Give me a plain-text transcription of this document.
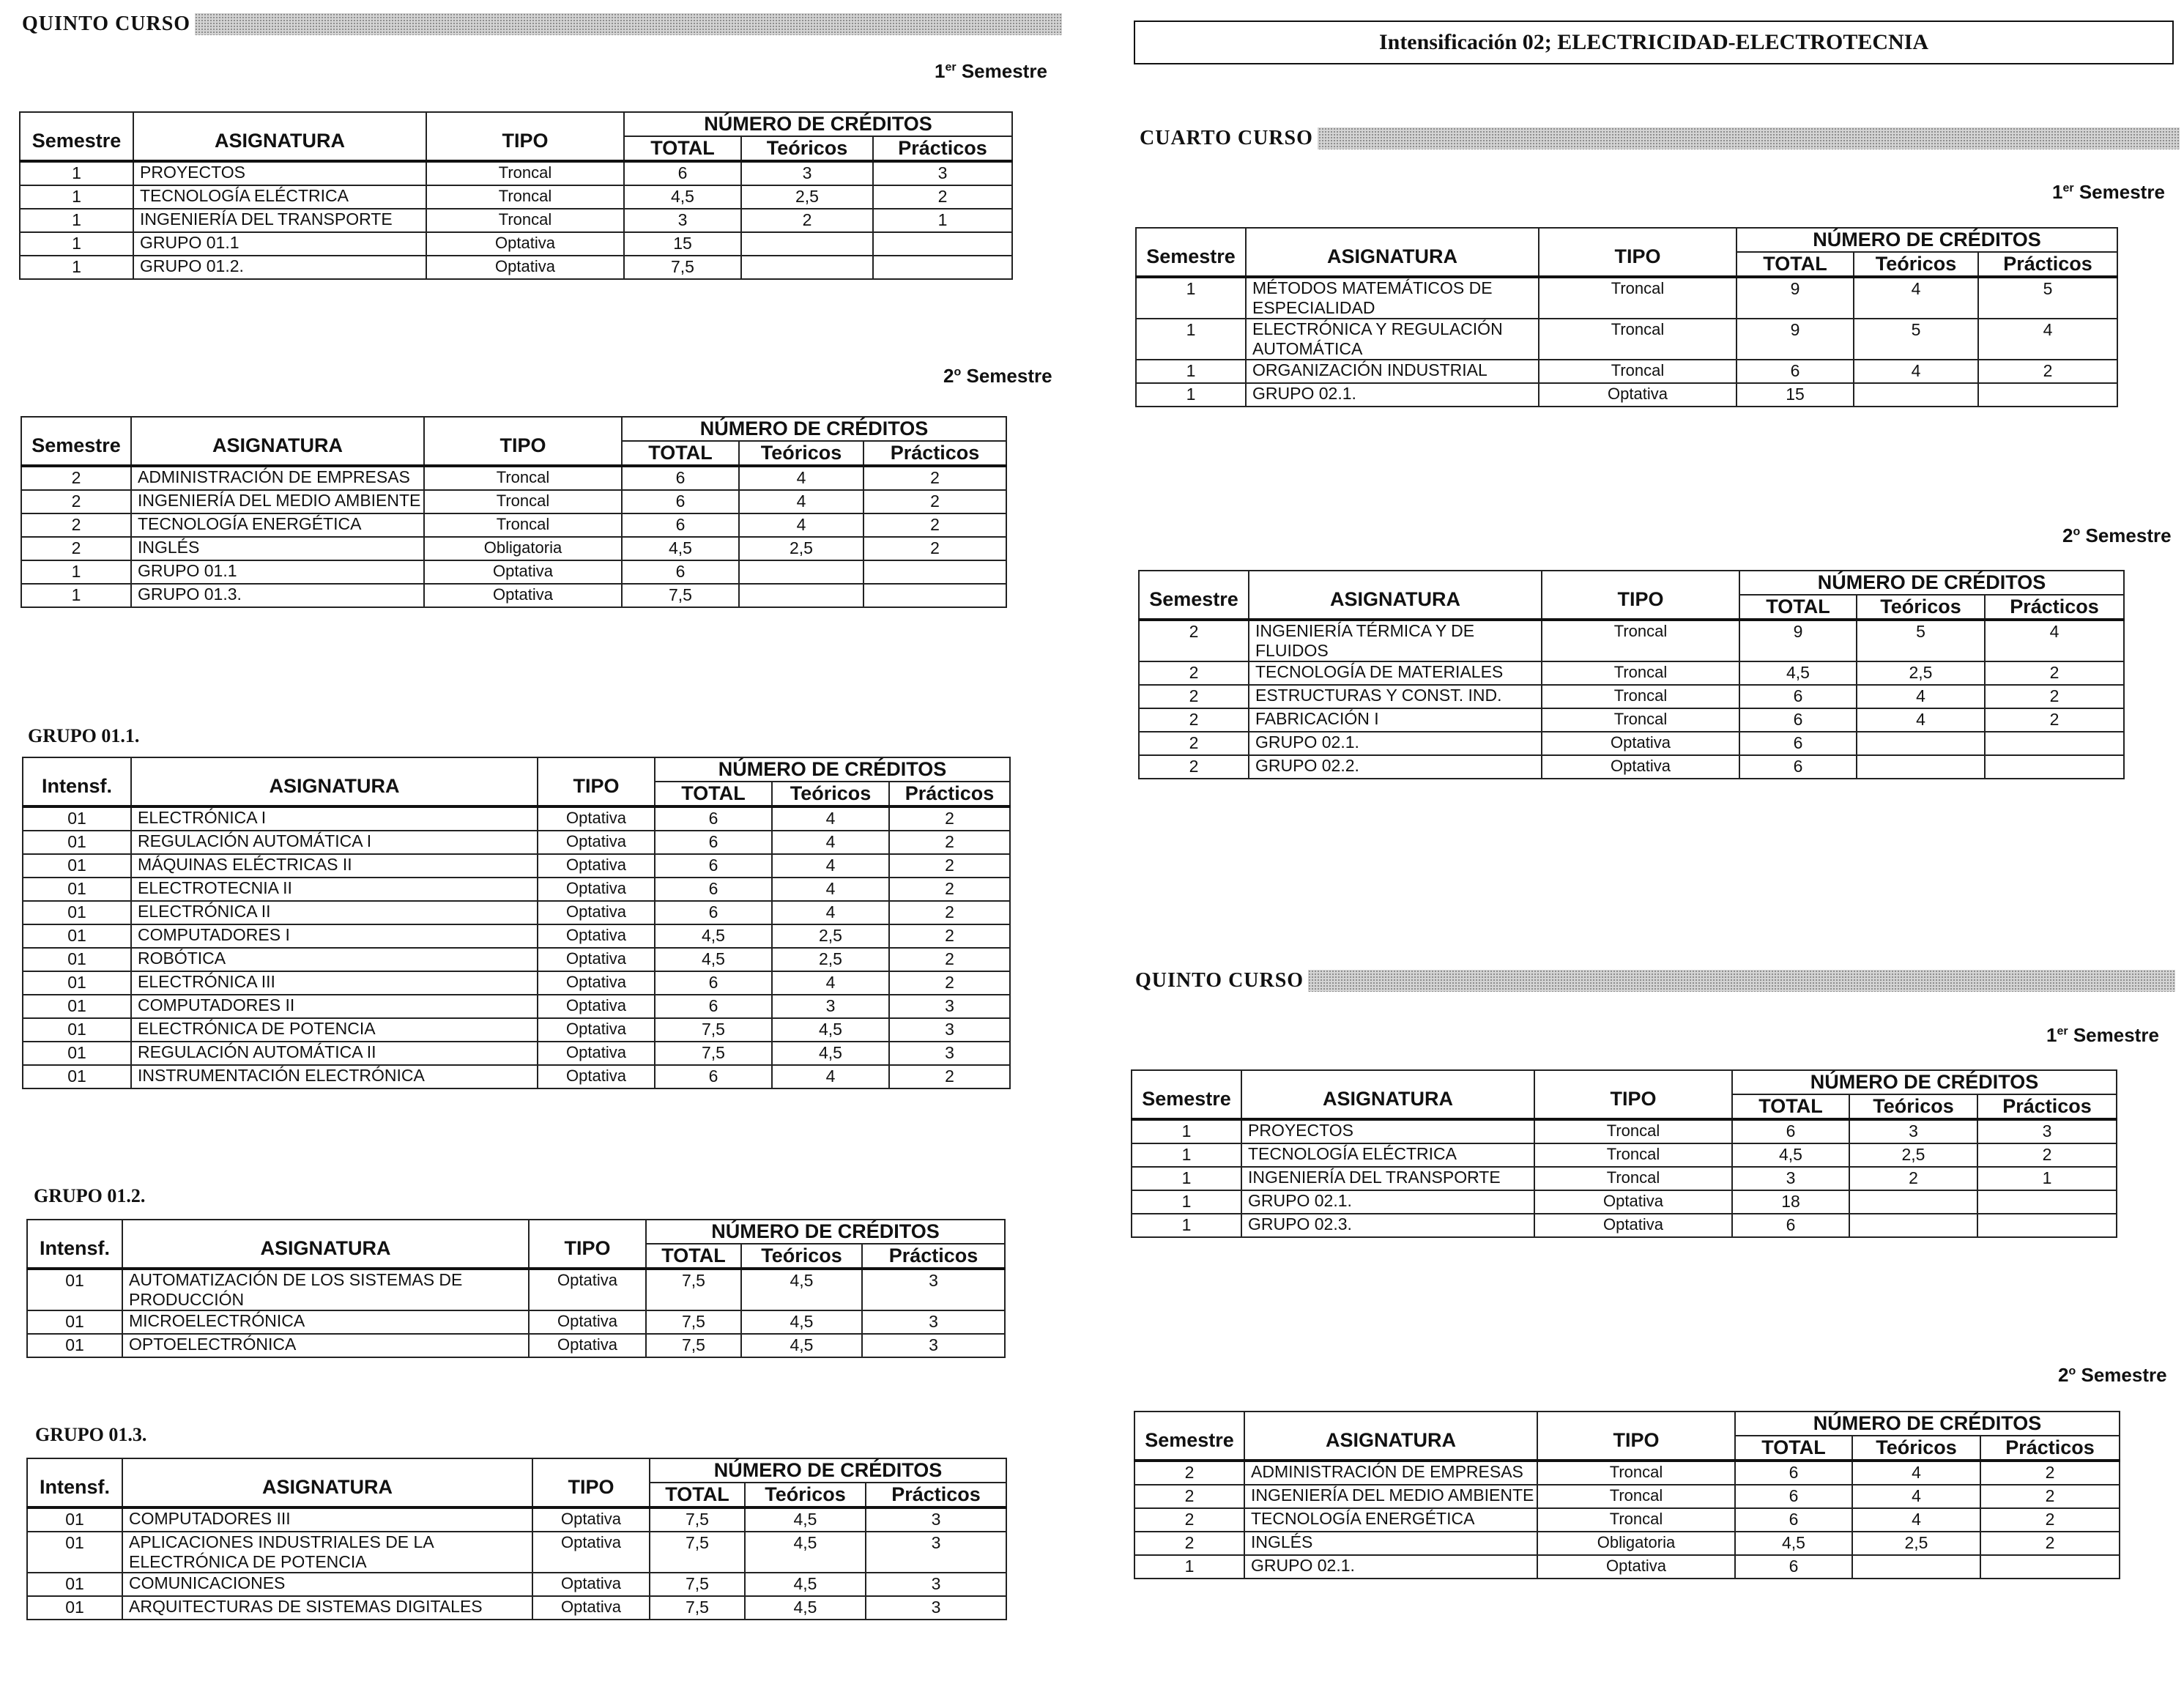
QUINTO CURSO
1er Semestre
Semestre	ASIGNATURA	TIPO	NÚMERO DE CRÉDITOS		
			TOTAL	Teóricos	Prácticos
1	PROYECTOS	Troncal	6	3	3
1	TECNOLOGÍA ELÉCTRICA	Troncal	4,5	2,5	2
1	INGENIERÍA DEL TRANSPORTE	Troncal	3	2	1
1	GRUPO 01.1	Optativa	15		
1	GRUPO 01.2.	Optativa	7,5		
2$^o$ Semestre
Semestre	ASIGNATURA	TIPO	NÚMERO DE CRÉDITOS		
			TOTAL	Teóricos	Prácticos
2	ADMINISTRACIÓN DE EMPRESAS	Troncal	6	4	2
2	INGENIERÍA DEL MEDIO AMBIENTE	Troncal	6	4	2
2	TECNOLOGÍA ENERGÉTICA	Troncal	6	4	2
2	INGLÉS	Obligatoria	4,5	2,5	2
1	GRUPO 01.1	Optativa	6		
1	GRUPO 01.3.	Optativa	7,5		
GRUPO 01.1.
Intensf.	ASIGNATURA	TIPO	NÚMERO DE CRÉDITOS		
			TOTAL	Teóricos	Prácticos
01	ELECTRÓNICA I	Optativa	6	4	2
01	REGULACIÓN AUTOMÁTICA I	Optativa	6	4	2
01	MÁQUINAS ELÉCTRICAS II	Optativa	6	4	2
01	ELECTROTECNIA II	Optativa	6	4	2
01	ELECTRÓNICA II	Optativa	6	4	2
01	COMPUTADORES I	Optativa	4,5	2,5	2
01	ROBÓTICA	Optativa	4,5	2,5	2
01	ELECTRÓNICA III	Optativa	6	4	2
01	COMPUTADORES II	Optativa	6	3	3
01	ELECTRÓNICA DE POTENCIA	Optativa	7,5	4,5	3
01	REGULACIÓN AUTOMÁTICA II	Optativa	7,5	4,5	3
01	INSTRUMENTACIÓN ELECTRÓNICA	Optativa	6	4	2
GRUPO 01.2.
Intensf.	ASIGNATURA	TIPO	NÚMERO DE CRÉDITOS		
			TOTAL	Teóricos	Prácticos
01	AUTOMATIZACIÓN DE LOS SISTEMAS DE PRODUCCIÓN	Optativa	7,5	4,5	3
01	MICROELECTRÓNICA	Optativa	7,5	4,5	3
01	OPTOELECTRÓNICA	Optativa	7,5	4,5	3
GRUPO 01.3.
Intensf.	ASIGNATURA	TIPO	NÚMERO DE CRÉDITOS		
			TOTAL	Teóricos	Prácticos
01	COMPUTADORES III	Optativa	7,5	4,5	3
01	APLICACIONES INDUSTRIALES DE LA ELECTRÓNICA DE POTENCIA	Optativa	7,5	4,5	3
01	COMUNICACIONES	Optativa	7,5	4,5	3
01	ARQUITECTURAS DE SISTEMAS DIGITALES	Optativa	7,5	4,5	3
Intensificación 02; ELECTRICIDAD-ELECTROTECNIA
CUARTO CURSO
1er Semestre
Semestre	ASIGNATURA	TIPO	NÚMERO DE CRÉDITOS		
			TOTAL	Teóricos	Prácticos
1	MÉTODOS MATEMÁTICOS DE ESPECIALIDAD	Troncal	9	4	5
1	ELECTRÓNICA Y REGULACIÓN AUTOMÁTICA	Troncal	9	5	4
1	ORGANIZACIÓN INDUSTRIAL	Troncal	6	4	2
1	GRUPO 02.1.	Optativa	15		
2$^o$ Semestre
Semestre	ASIGNATURA	TIPO	NÚMERO DE CRÉDITOS		
			TOTAL	Teóricos	Prácticos
2	INGENIERÍA TÉRMICA Y DE FLUIDOS	Troncal	9	5	4
2	TECNOLOGÍA DE MATERIALES	Troncal	4,5	2,5	2
2	ESTRUCTURAS Y CONST. IND.	Troncal	6	4	2
2	FABRICACIÓN I	Troncal	6	4	2
2	GRUPO 02.1.	Optativa	6		
2	GRUPO 02.2.	Optativa	6		
QUINTO CURSO
1er Semestre
Semestre	ASIGNATURA	TIPO	NÚMERO DE CRÉDITOS		
			TOTAL	Teóricos	Prácticos
1	PROYECTOS	Troncal	6	3	3
1	TECNOLOGÍA ELÉCTRICA	Troncal	4,5	2,5	2
1	INGENIERÍA DEL TRANSPORTE	Troncal	3	2	1
1	GRUPO 02.1.	Optativa	18		
1	GRUPO 02.3.	Optativa	6		
2$^o$ Semestre
Semestre	ASIGNATURA	TIPO	NÚMERO DE CRÉDITOS		
			TOTAL	Teóricos	Prácticos
2	ADMINISTRACIÓN DE EMPRESAS	Troncal	6	4	2
2	INGENIERÍA DEL MEDIO AMBIENTE	Troncal	6	4	2
2	TECNOLOGÍA ENERGÉTICA	Troncal	6	4	2
2	INGLÉS	Obligatoria	4,5	2,5	2
1	GRUPO 02.1.	Optativa	6		
